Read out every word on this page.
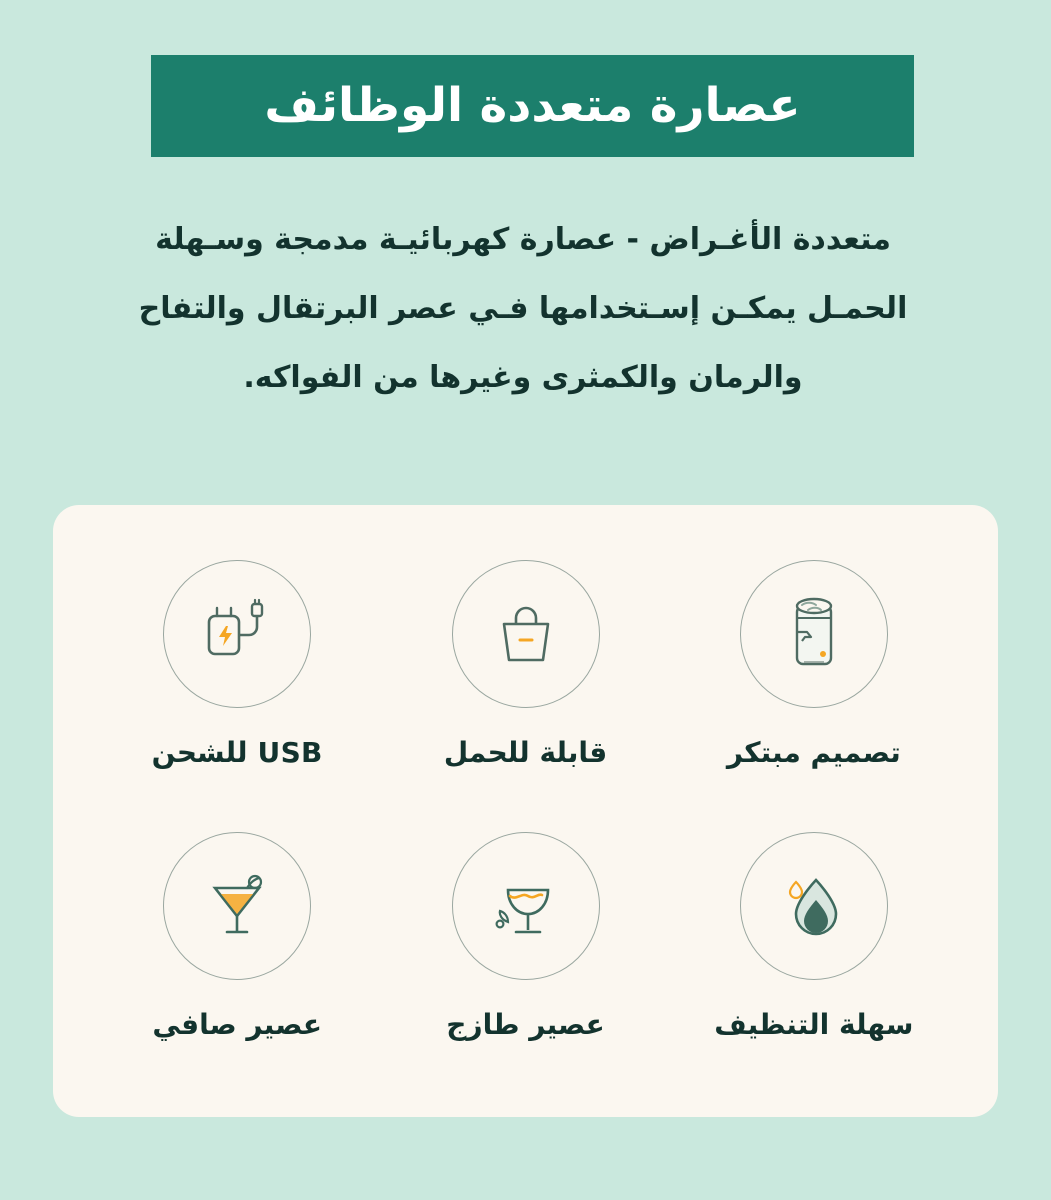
عصارة متعددة الوظائف
متعددة الأغـراض - عصارة كهربائيـة مدمجة وسـهلة الحمـل يمكـن إسـتخدامها فـي عصر البرتقال والتفاح والرمان والكمثرى وغيرها من الفواكه.
تصميم مبتكر
قابلة للحمل
USB للشحن
سهلة التنظيف
عصير طازج
عصير صافي
